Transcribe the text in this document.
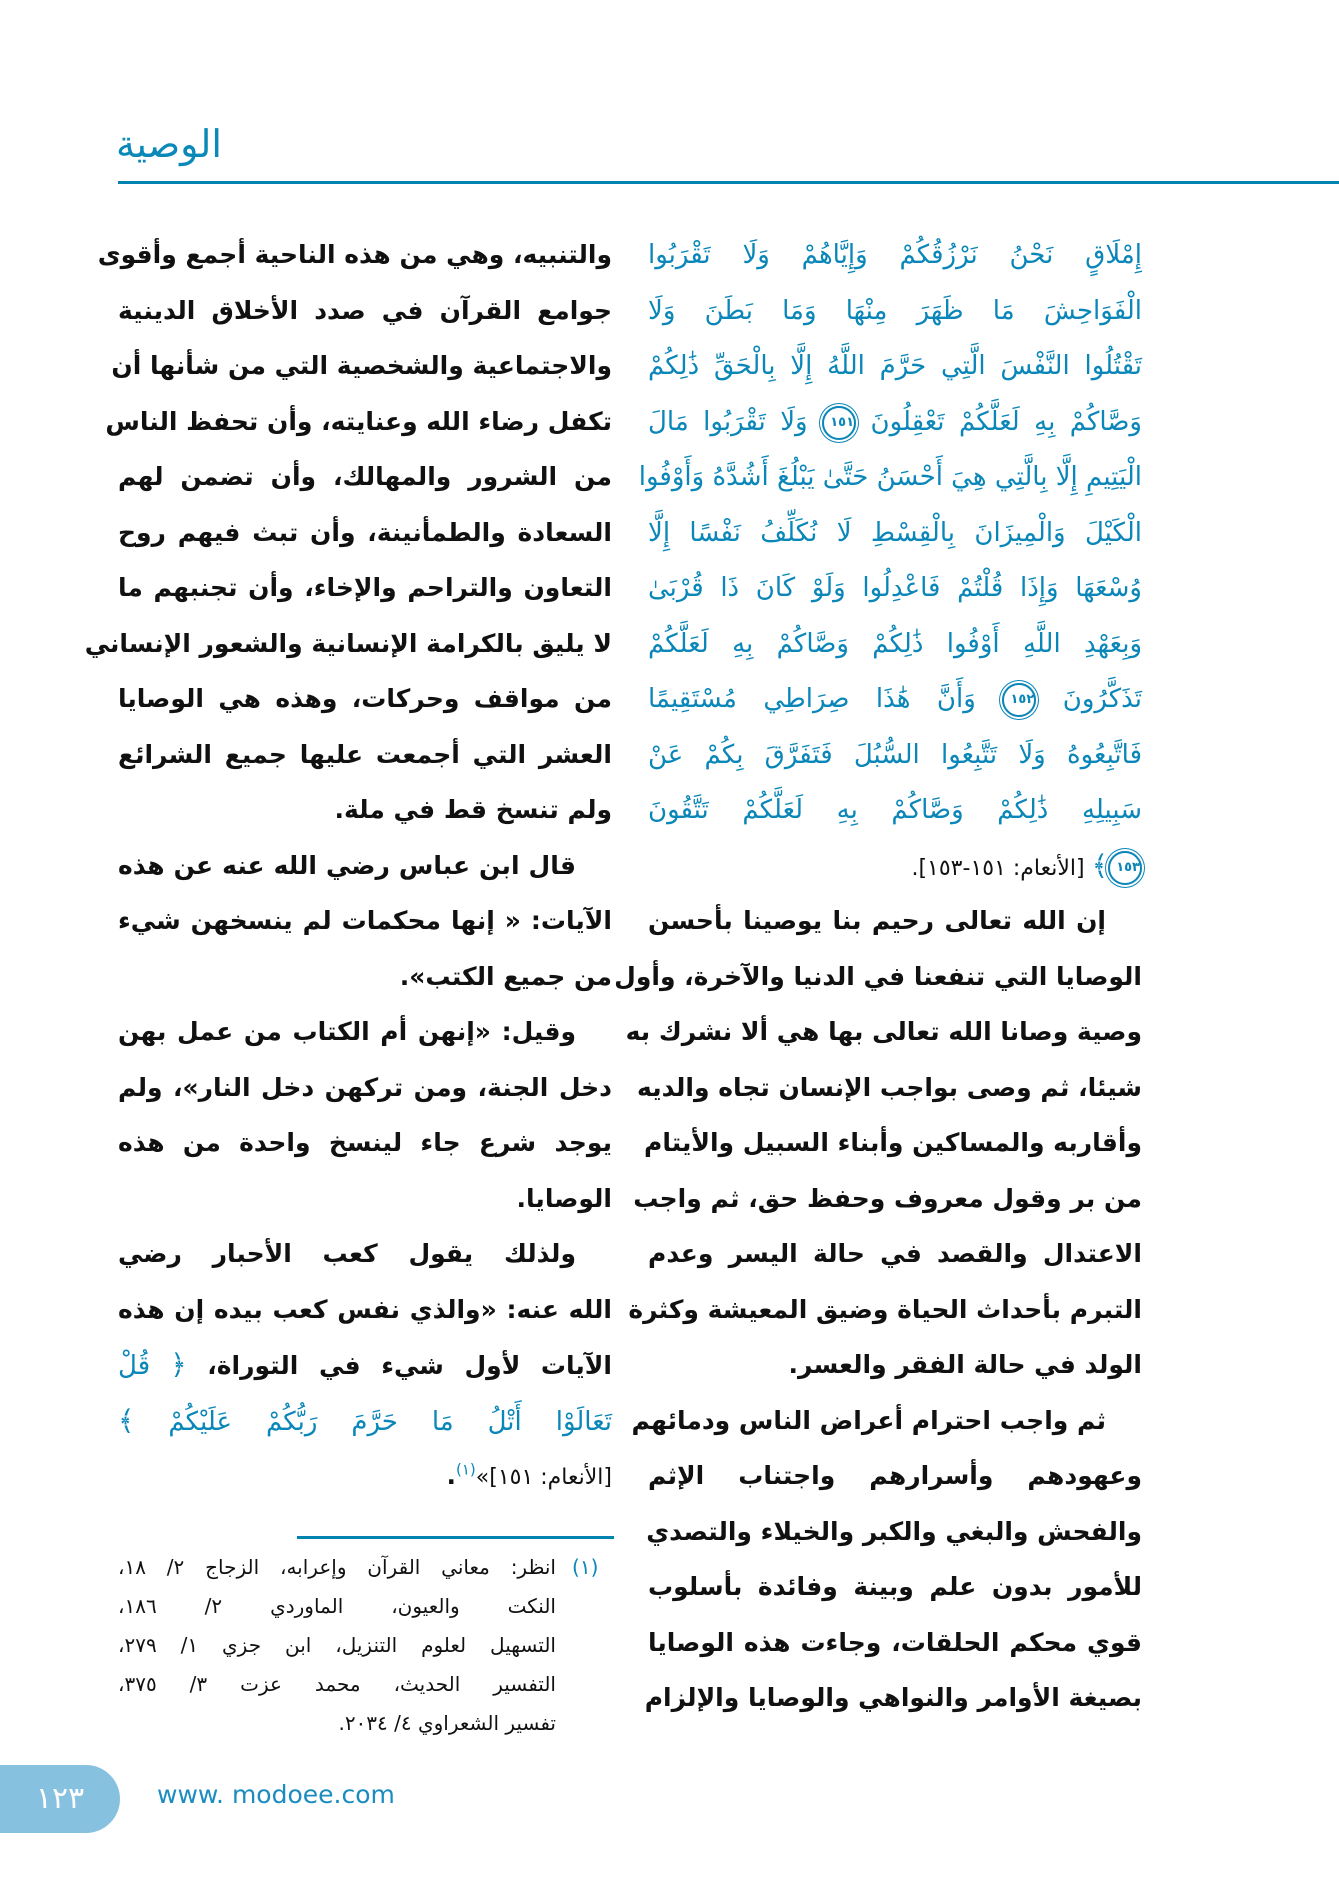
الوصية
إِمْلَاقٍ نَحْنُ نَرْزُقُكُمْ وَإِيَّاهُمْ وَلَا تَقْرَبُوا
الْفَوَاحِشَ مَا ظَهَرَ مِنْهَا وَمَا بَطَنَ وَلَا
تَقْتُلُوا النَّفْسَ الَّتِي حَرَّمَ اللَّهُ إِلَّا بِالْحَقِّ ذَٰلِكُمْ
وَصَّاكُمْ بِهِ لَعَلَّكُمْ تَعْقِلُونَ ١٥١ وَلَا تَقْرَبُوا مَالَ
الْيَتِيمِ إِلَّا بِالَّتِي هِيَ أَحْسَنُ حَتَّىٰ يَبْلُغَ أَشُدَّهُ وَأَوْفُوا
الْكَيْلَ وَالْمِيزَانَ بِالْقِسْطِ لَا نُكَلِّفُ نَفْسًا إِلَّا
وُسْعَهَا وَإِذَا قُلْتُمْ فَاعْدِلُوا وَلَوْ كَانَ ذَا قُرْبَىٰ
وَبِعَهْدِ اللَّهِ أَوْفُوا ذَٰلِكُمْ وَصَّاكُمْ بِهِ لَعَلَّكُمْ
تَذَكَّرُونَ ١٥٢ وَأَنَّ هَٰذَا صِرَاطِي مُسْتَقِيمًا
فَاتَّبِعُوهُ وَلَا تَتَّبِعُوا السُّبُلَ فَتَفَرَّقَ بِكُمْ عَنْ
سَبِيلِهِ ذَٰلِكُمْ وَصَّاكُمْ بِهِ لَعَلَّكُمْ تَتَّقُونَ
١٥٣﴾ [الأنعام: ١٥١-١٥٣].
إن الله تعالى رحيم بنا يوصينا بأحسن
الوصايا التي تنفعنا في الدنيا والآخرة، وأول
وصية وصانا الله تعالى بها هي ألا نشرك به
شيئا، ثم وصى بواجب الإنسان تجاه والديه
وأقاربه والمساكين وأبناء السبيل والأيتام
من بر وقول معروف وحفظ حق، ثم واجب
الاعتدال والقصد في حالة اليسر وعدم
التبرم بأحداث الحياة وضيق المعيشة وكثرة
الولد في حالة الفقر والعسر.
ثم واجب احترام أعراض الناس ودمائهم
وعهودهم وأسرارهم واجتناب الإثم
والفحش والبغي والكبر والخيلاء والتصدي
للأمور بدون علم وبينة وفائدة بأسلوب
قوي محكم الحلقات، وجاءت هذه الوصايا
بصيغة الأوامر والنواهي والوصايا والإلزام
والتنبيه، وهي من هذه الناحية أجمع وأقوى
جوامع القرآن في صدد الأخلاق الدينية
والاجتماعية والشخصية التي من شأنها أن
تكفل رضاء الله وعنايته، وأن تحفظ الناس
من الشرور والمهالك، وأن تضمن لهم
السعادة والطمأنينة، وأن تبث فيهم روح
التعاون والتراحم والإخاء، وأن تجنبهم ما
لا يليق بالكرامة الإنسانية والشعور الإنساني
من مواقف وحركات، وهذه هي الوصايا
العشر التي أجمعت عليها جميع الشرائع
ولم تنسخ قط في ملة.
قال ابن عباس رضي الله عنه عن هذه
الآيات: « إنها محكمات لم ينسخهن شيء
من جميع الكتب».
وقيل: «إنهن أم الكتاب من عمل بهن
دخل الجنة، ومن تركهن دخل النار»، ولم
يوجد شرع جاء لينسخ واحدة من هذه
الوصايا.
ولذلك يقول كعب الأحبار رضي
الله عنه: «والذي نفس كعب بيده إن هذه
الآيات لأول شيء في التوراة، ﴿ قُلْ
تَعَالَوْا أَتْلُ مَا حَرَّمَ رَبُّكُمْ عَلَيْكُمْ ﴾
[الأنعام: ١٥١]»$^{(١)}$.
(١)
انظر: معاني القرآن وإعرابه، الزجاج ٢/ ١٨،
النكت والعيون، الماوردي ٢/ ١٨٦،
التسهيل لعلوم التنزيل، ابن جزي ١/ ٢٧٩،
التفسير الحديث، محمد عزت ٣/ ٣٧٥،
تفسير الشعراوي ٤/ ٢٠٣٤.
١٢٣	www. modoee.com
